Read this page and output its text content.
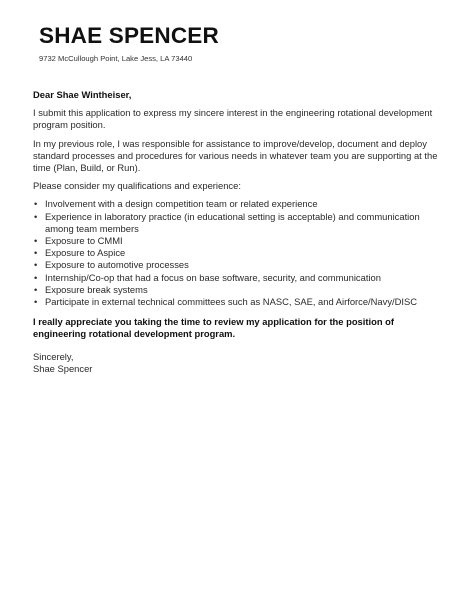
SHAE SPENCER
9732 McCullough Point, Lake Jess, LA 73440

Dear Shae Wintheiser,

I submit this application to express my sincere interest in the engineering rotational development program position.

In my previous role, I was responsible for assistance to improve/develop, document and deploy standard processes and procedures for various needs in whatever team you are supporting at the time (Plan, Build, or Run).

Please consider my qualifications and experience:

• Involvement with a design competition team or related experience
• Experience in laboratory practice (in educational setting is acceptable) and communication among team members
• Exposure to CMMI
• Exposure to Aspice
• Exposure to automotive processes
• Internship/Co-op that had a focus on base software, security, and communication
• Exposure break systems
• Participate in external technical committees such as NASC, SAE, and Airforce/Navy/DISC

I really appreciate you taking the time to review my application for the position of engineering rotational development program.

Sincerely,

Shae Spencer
